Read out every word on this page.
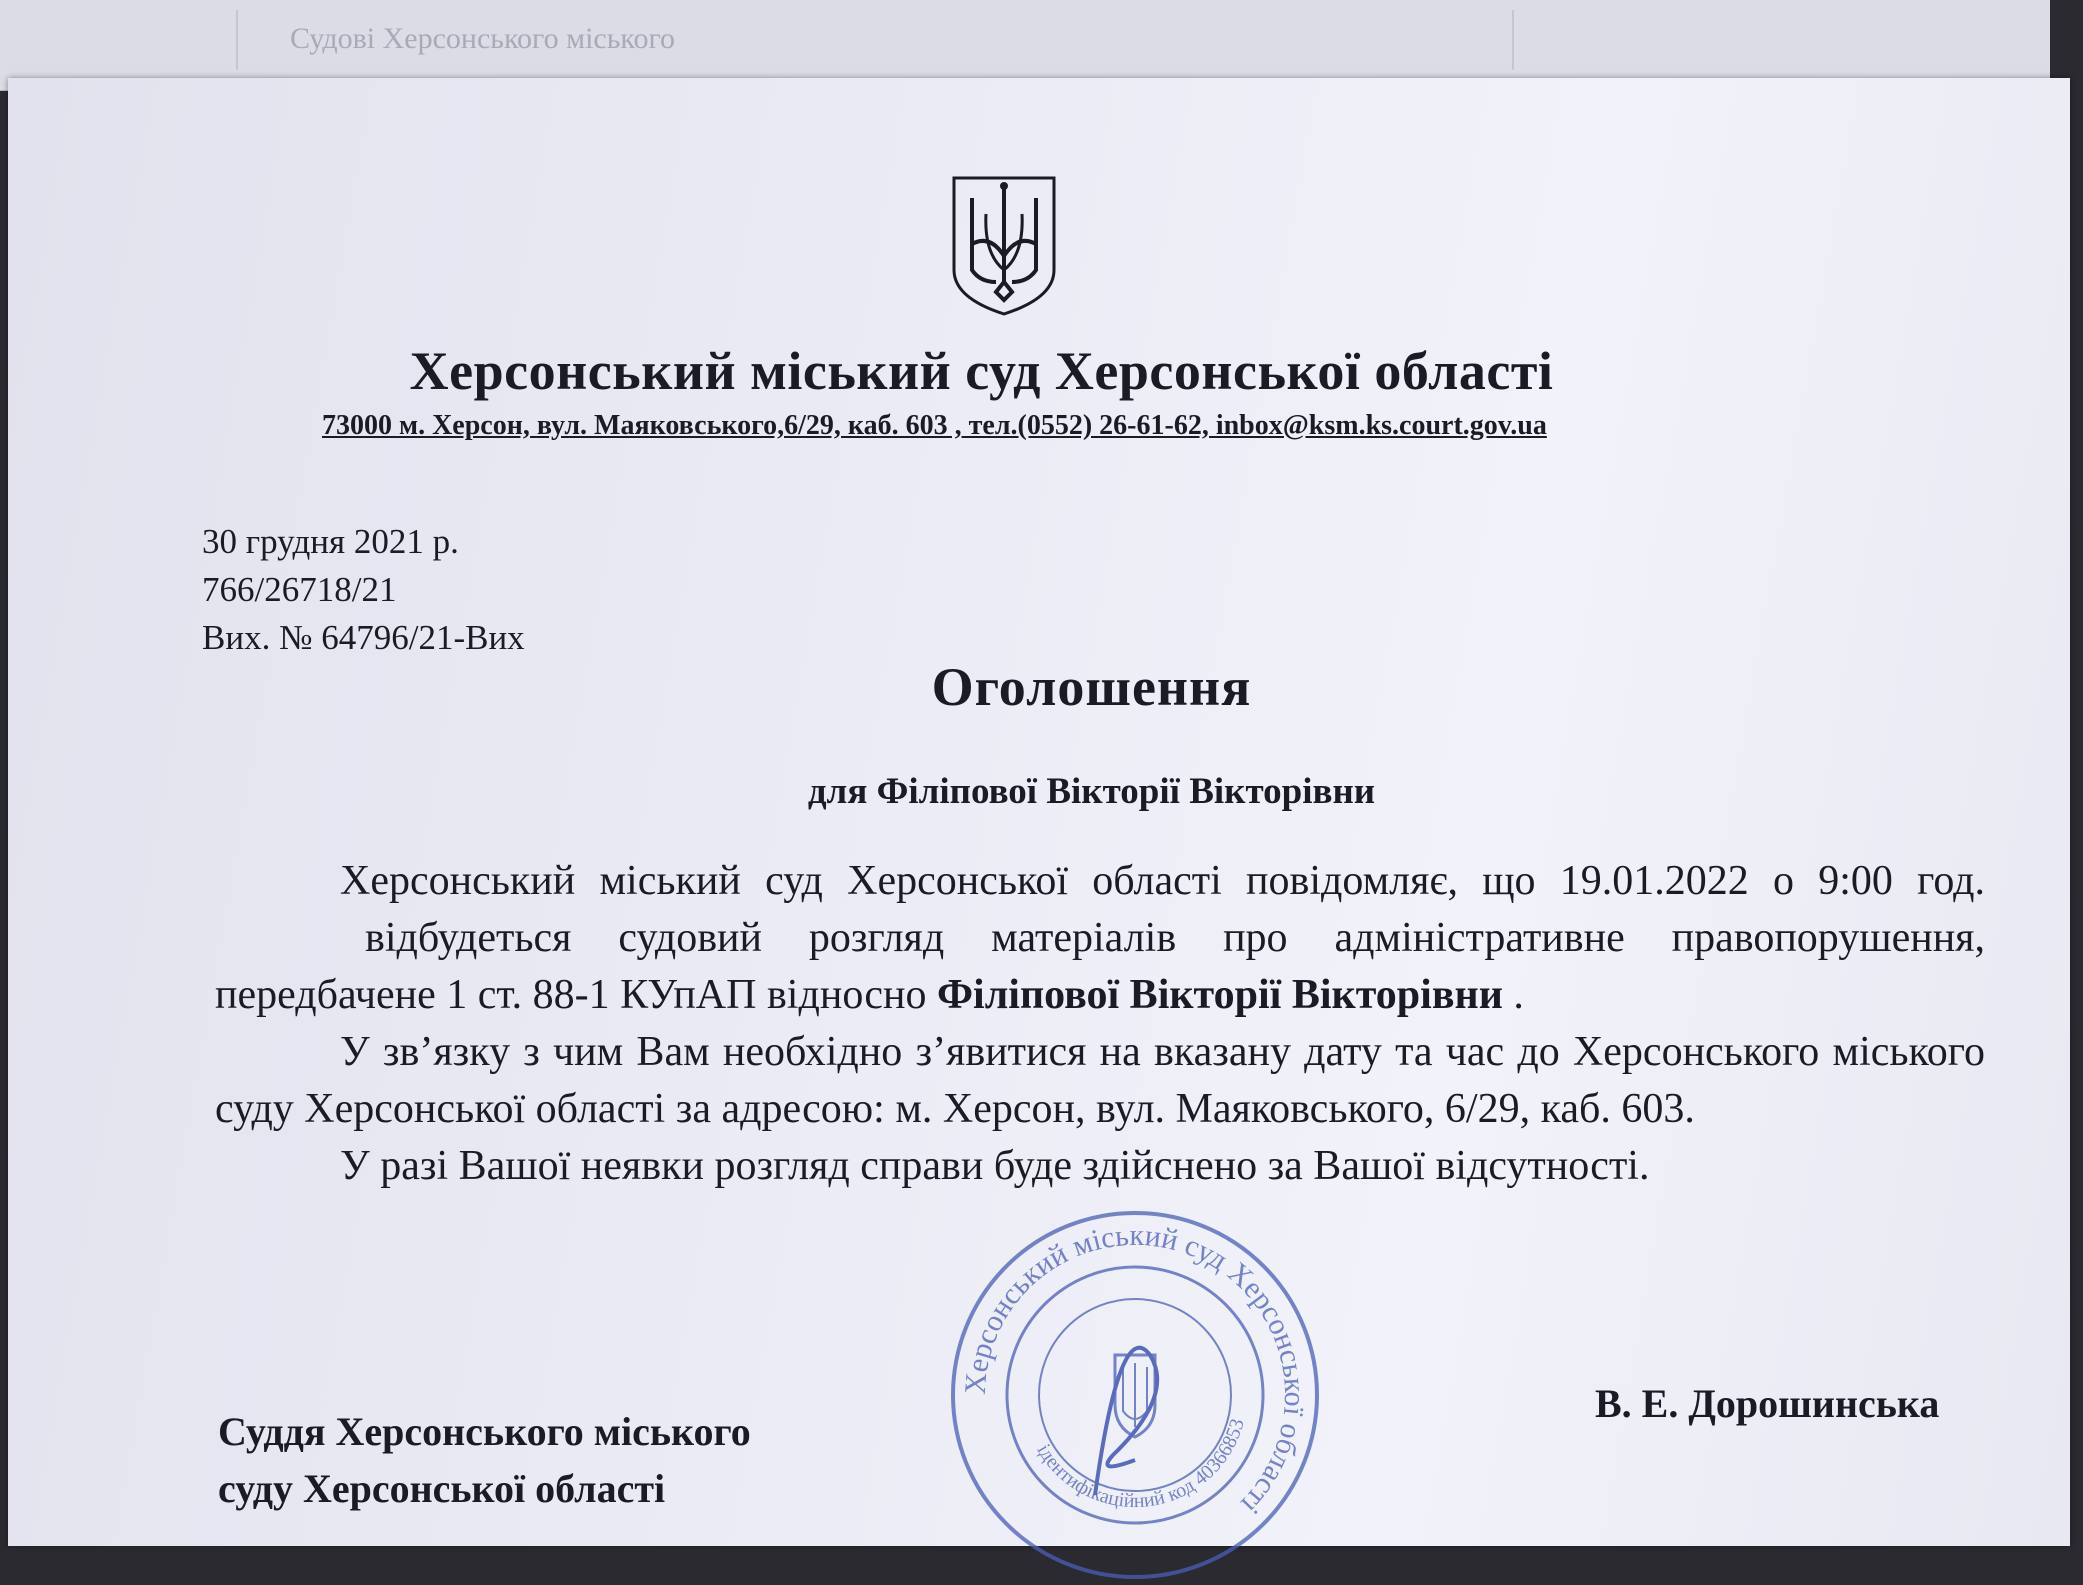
Судові Херсонського міського
Херсонський міський суд Херсонської області
73000 м. Херсон, вул. Маяковського,6/29, каб. 603 , тел.(0552) 26-61-62, inbox@ksm.ks.court.gov.ua
30 грудня 2021 р.
766/26718/21
Вих. № 64796/21-Вих
Оголошення
для Філіпової Вікторії Вікторівни

Херсонський міський суд Херсонської області повідомляє, що 19.01.2022 о 9:00 год.відбудеться судовий розгляд матеріалів про адміністративне правопорушення, передбачене 1 ст. 88-1 КУпАП відносно Філіпової Вікторії Вікторівни .

У зв’язку з чим Вам необхідно з’явитися на вказану дату та час до Херсонського міського суду Херсонської області за адресою: м. Херсон, вул. Маяковського, 6/29, каб. 603.

У разі Вашої неявки розгляд справи буде здійснено за Вашої відсутності.

В. Е. Дорошинська
Суддя Херсонського міського
суду Херсонської області
Херсонський міський суд Херсонської області
ідентифікаційний код 40366853
